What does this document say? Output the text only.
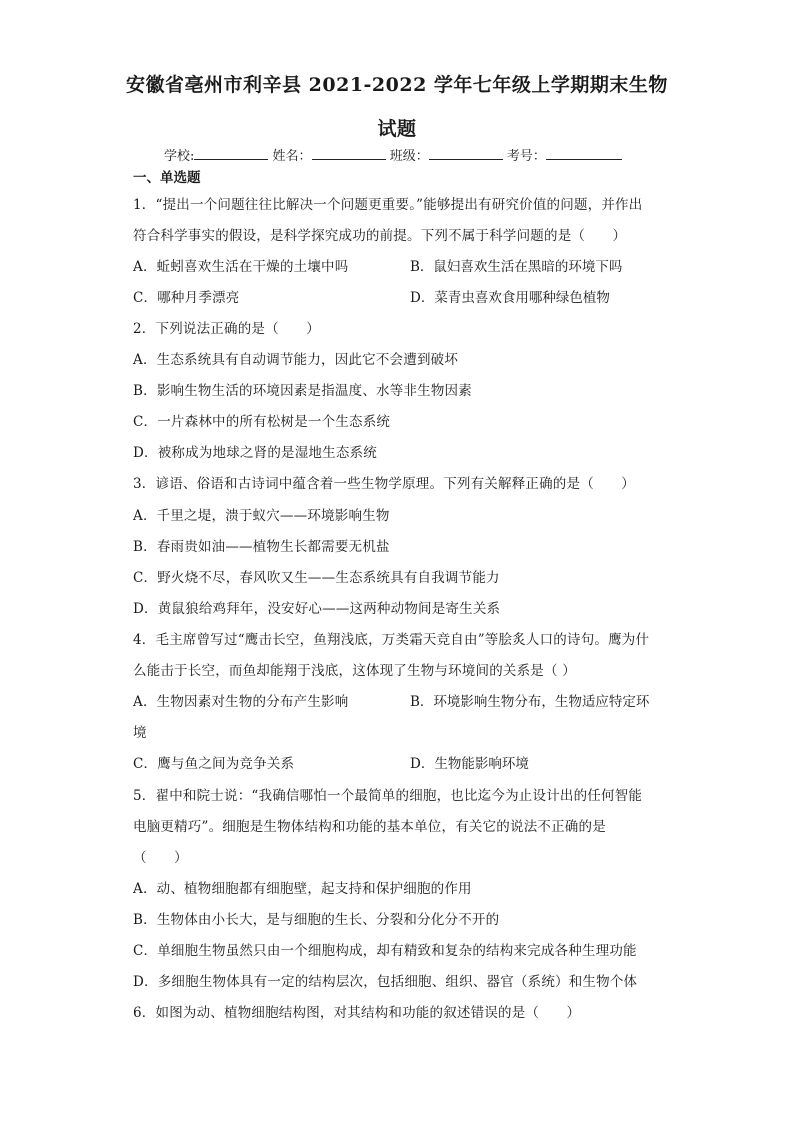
安徽省亳州市利辛县 2021-2022 学年七年级上学期期末生物
试题
学校:	姓名：	班级：	考号：
一、单选题
1．“提出一个问题往往比解决一个问题更重要。”能够提出有研究价值的问题，并作出
符合科学事实的假设，是科学探究成功的前提。下列不属于科学问题的是（　　）
A．蚯蚓喜欢生活在干燥的土壤中吗	B．鼠妇喜欢生活在黑暗的环境下吗
C．哪种月季漂亮	D．菜青虫喜欢食用哪种绿色植物
2．下列说法正确的是（　　）
A．生态系统具有自动调节能力，因此它不会遭到破坏
B．影响生物生活的环境因素是指温度、水等非生物因素
C．一片森林中的所有松树是一个生态系统
D．被称成为地球之肾的是湿地生态系统
3．谚语、俗语和古诗词中蕴含着一些生物学原理。下列有关解释正确的是（　　）
A．千里之堤，溃于蚁穴——环境影响生物
B．春雨贵如油——植物生长都需要无机盐
C．野火烧不尽，春风吹又生——生态系统具有自我调节能力
D．黄鼠狼给鸡拜年，没安好心——这两种动物间是寄生关系
4．毛主席曾写过“鹰击长空，鱼翔浅底，万类霜天竞自由”等脍炙人口的诗句。鹰为什
么能击于长空，而鱼却能翔于浅底，这体现了生物与环境间的关系是（ ）
A．生物因素对生物的分布产生影响	B．环境影响生物分布，生物适应特定环
境
C．鹰与鱼之间为竞争关系	D．生物能影响环境
5．翟中和院士说：“我确信哪怕一个最简单的细胞，也比迄今为止设计出的任何智能
电脑更精巧”。细胞是生物体结构和功能的基本单位，有关它的说法不正确的是
（　　）
A．动、植物细胞都有细胞壁，起支持和保护细胞的作用
B．生物体由小长大，是与细胞的生长、分裂和分化分不开的
C．单细胞生物虽然只由一个细胞构成，却有精致和复杂的结构来完成各种生理功能
D．多细胞生物体具有一定的结构层次，包括细胞、组织、器官（系统）和生物个体
6．如图为动、植物细胞结构图，对其结构和功能的叙述错误的是（　　）
